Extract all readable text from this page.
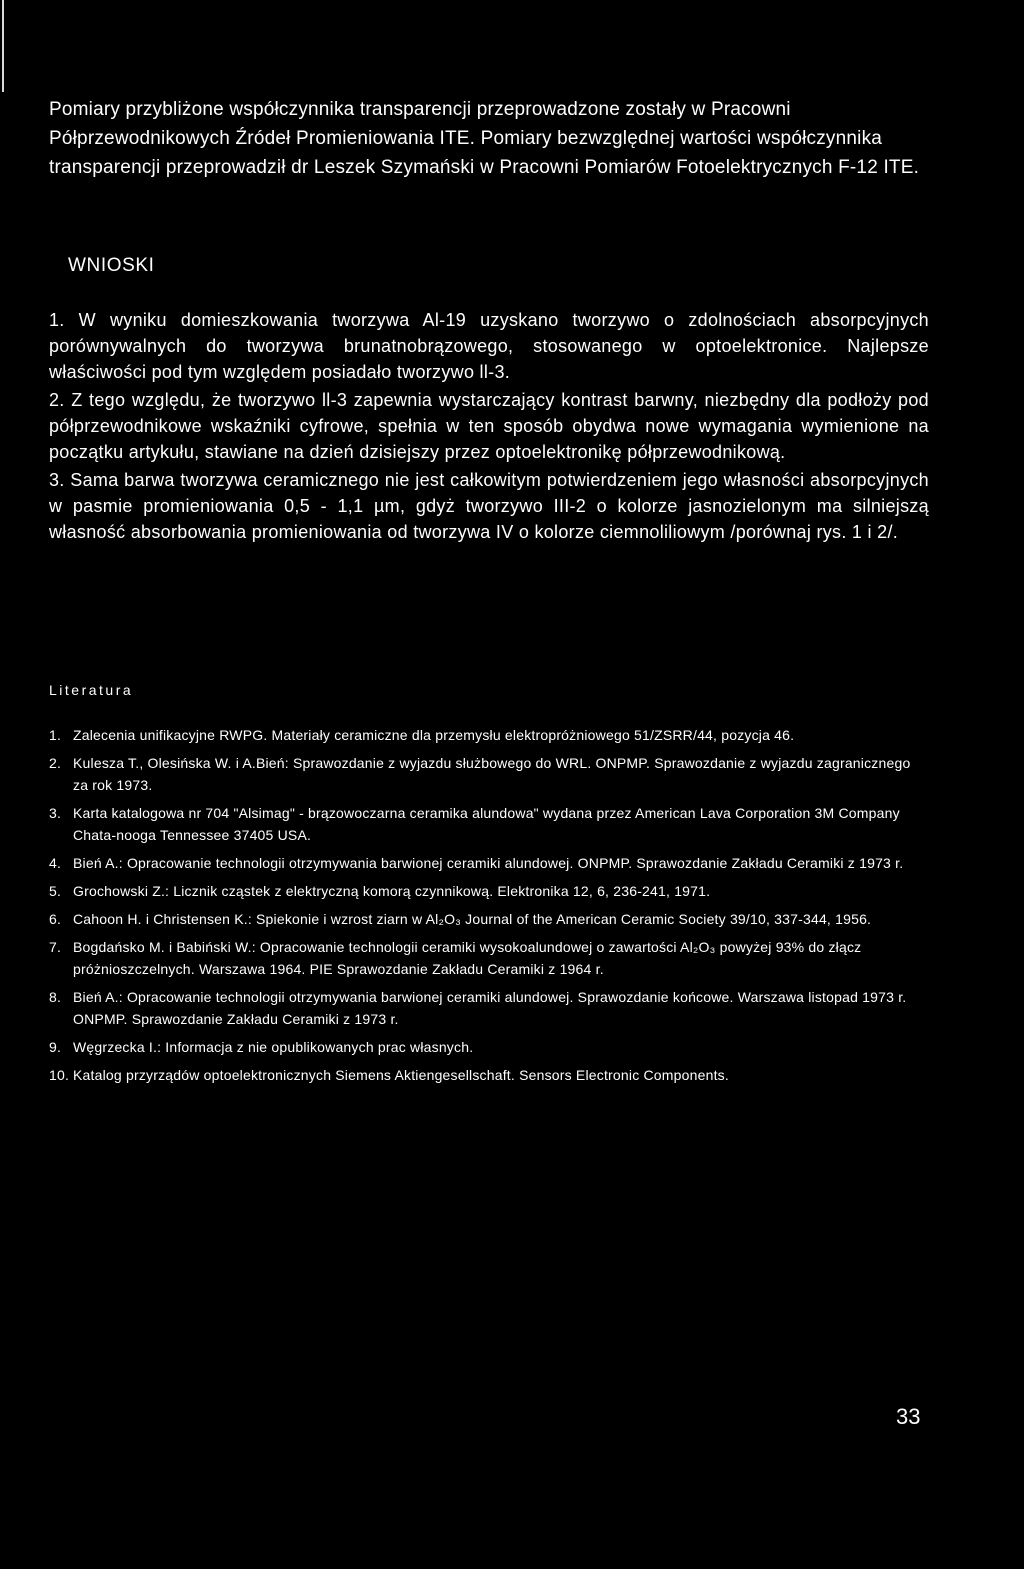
Pomiary przybliżone współczynnika transparencji przeprowadzone zostały w Pracowni Półprzewodnikowych Źródeł Promieniowania ITE. Pomiary bezwzględnej wartości współczynnika transparencji przeprowadził dr Leszek Szymański w Pracowni Pomiarów Fotoelektrycznych F-12 ITE.

WNIOSKI

1. W wyniku domieszkowania tworzywa Al-19 uzyskano tworzywo o zdolnościach absorpcyjnych porównywalnych do tworzywa brunatnobrązowego, stosowanego w optoelektronice. Najlepsze właściwości pod tym względem posiadało tworzywo ll-3.

2. Z tego względu, że tworzywo ll-3 zapewnia wystarczający kontrast barwny, niezbędny dla podłoży pod półprzewodnikowe wskaźniki cyfrowe, spełnia w ten sposób obydwa nowe wymagania wymienione na początku artykułu, stawiane na dzień dzisiejszy przez optoelektronikę półprzewodnikową.

3. Sama barwa tworzywa ceramicznego nie jest całkowitym potwierdzeniem jego własności absorpcyjnych w pasmie promieniowania 0,5 - 1,1 µm, gdyż tworzywo III-2 o kolorze jasnozielonym ma silniejszą własność absorbowania promieniowania od tworzywa IV o kolorze ciemnoliliowym /porównaj rys. 1 i 2/.

Literatura
1. Zalecenia unifikacyjne RWPG. Materiały ceramiczne dla przemysłu elektropróżniowego 51/ZSRR/44, pozycja 46.
2. Kulesza T., Olesińska W. i A.Bień: Sprawozdanie z wyjazdu służbowego do WRL. ONPMP. Sprawozdanie z wyjazdu zagranicznego za rok 1973.
3. Karta katalogowa nr 704 "Alsimag" - brązowoczarna ceramika alundowa" wydana przez American Lava Corporation 3M Company Chata-nooga Tennessee 37405 USA.
4. Bień A.: Opracowanie technologii otrzymywania barwionej ceramiki alundowej. ONPMP. Sprawozdanie Zakładu Ceramiki z 1973 r.
5. Grochowski Z.: Licznik cząstek z elektryczną komorą czynnikową. Elektronika 12, 6, 236-241, 1971.
6. Cahoon H. i Christensen K.: Spiekonie i wzrost ziarn w Al₂O₃ Journal of the American Ceramic Society 39/10, 337-344, 1956.
7. Bogdańsko M. i Babiński W.: Opracowanie technologii ceramiki wysokoalundowej o zawartości Al₂O₃ powyżej 93% do złącz próżnioszczelnych. Warszawa 1964. PIE Sprawozdanie Zakładu Ceramiki z 1964 r.
8. Bień A.: Opracowanie technologii otrzymywania barwionej ceramiki alundowej. Sprawozdanie końcowe. Warszawa listopad 1973 r. ONPMP. Sprawozdanie Zakładu Ceramiki z 1973 r.
9. Węgrzecka I.: Informacja z nie opublikowanych prac własnych.
10. Katalog przyrządów optoelektronicznych Siemens Aktiengesellschaft. Sensors Electronic Components.
33
